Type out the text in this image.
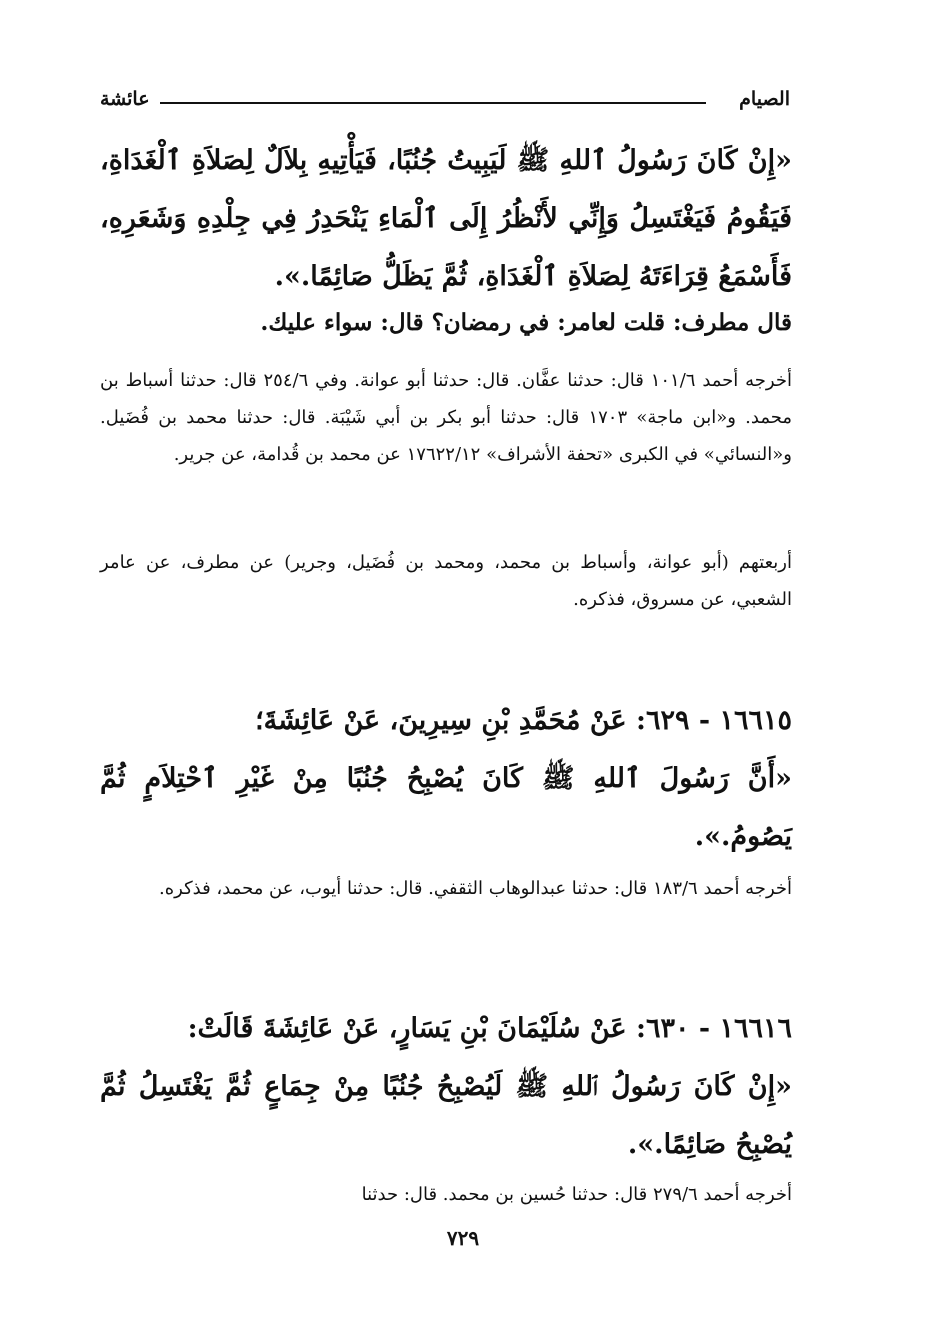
الصيام
عائشة
«إِنْ كَانَ رَسُولُ ٱللهِ ﷺ لَيَبِيتُ جُنُبًا، فَيَأْتِيهِ بِلاَلٌ لِصَلاَةِ ٱلْغَدَاةِ، فَيَقُومُ فَيَغْتَسِلُ وَإِنِّي لأَنْظُرُ إِلَى ٱلْمَاءِ يَنْحَدِرُ فِي جِلْدِهِ وَشَعَرِهِ، فَأَسْمَعُ قِرَاءَتَهُ لِصَلاَةِ ٱلْغَدَاةِ، ثُمَّ يَظَلُّ صَائِمًا.».
قال مطرف: قلت لعامر: في رمضان؟ قال: سواء عليك.
أخرجه أحمد ١٠١/٦ قال: حدثنا عفَّان. قال: حدثنا أبو عوانة. وفي ٢٥٤/٦ قال: حدثنا أسباط بن محمد. و«ابن ماجة» ١٧٠٣ قال: حدثنا أبو بكر بن أبي شَيْبَة. قال: حدثنا محمد بن فُضَيل. و«النسائي» في الكبرى «تحفة الأشراف» ١٧٦٢٢/١٢ عن محمد بن قُدامة، عن جرير.
أربعتهم (أبو عوانة، وأسباط بن محمد، ومحمد بن فُضَيل، وجرير) عن مطرف، عن عامر الشعبي، عن مسروق، فذكره.
١٦٦١٥ - ٦٢٩: عَنْ مُحَمَّدِ بْنِ سِيرِينَ، عَنْ عَائِشَةَ؛
«أَنَّ رَسُولَ ٱللهِ ﷺ كَانَ يُصْبِحُ جُنُبًا مِنْ غَيْرِ ٱحْتِلاَمٍ ثُمَّ يَصُومُ.».
أخرجه أحمد ١٨٣/٦ قال: حدثنا عبدالوهاب الثقفي. قال: حدثنا أيوب، عن محمد، فذكره.
١٦٦١٦ - ٦٣٠: عَنْ سُلَيْمَانَ بْنِ يَسَارٍ، عَنْ عَائِشَةَ قَالَتْ:
«إِنْ كَانَ رَسُولُ ٱللهِ ﷺ لَيُصْبِحُ جُنُبًا مِنْ جِمَاعٍ ثُمَّ يَغْتَسِلُ ثُمَّ يُصْبِحُ صَائِمًا.».
أخرجه أحمد ٢٧٩/٦ قال: حدثنا حُسين بن محمد. قال: حدثنا
٧٢٩
